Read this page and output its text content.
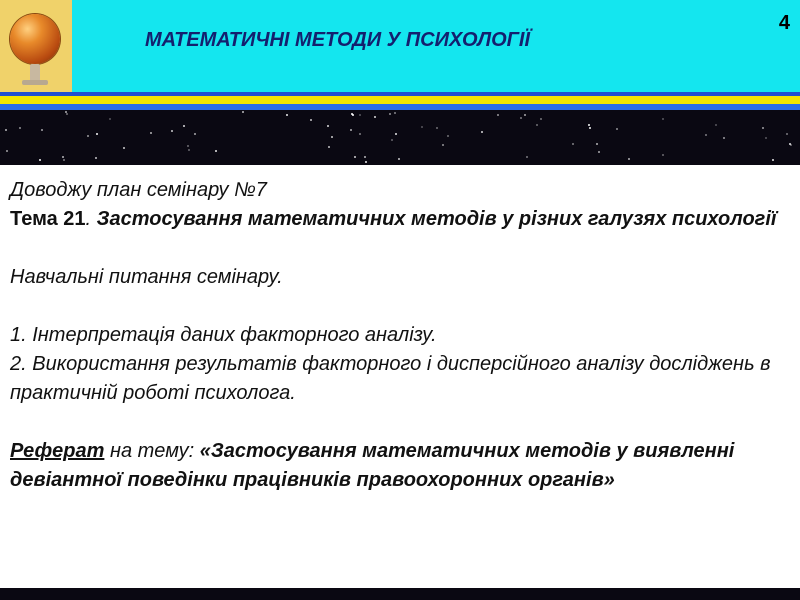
МАТЕМАТИЧНІ МЕТОДИ У ПСИХОЛОГІЇ
4

Доводжу план семінару №7

Тема 21. Застосування математичних методів у різних галузях психології

Навчальні питання семінару.

1. Інтерпретація даних факторного аналізу.

2. Використання результатів факторного і дисперсійного аналізу досліджень в практичній роботі психолога.

Реферат на тему: «Застосування математичних методів у виявленні девіантної поведінки працівників правоохоронних органів»
